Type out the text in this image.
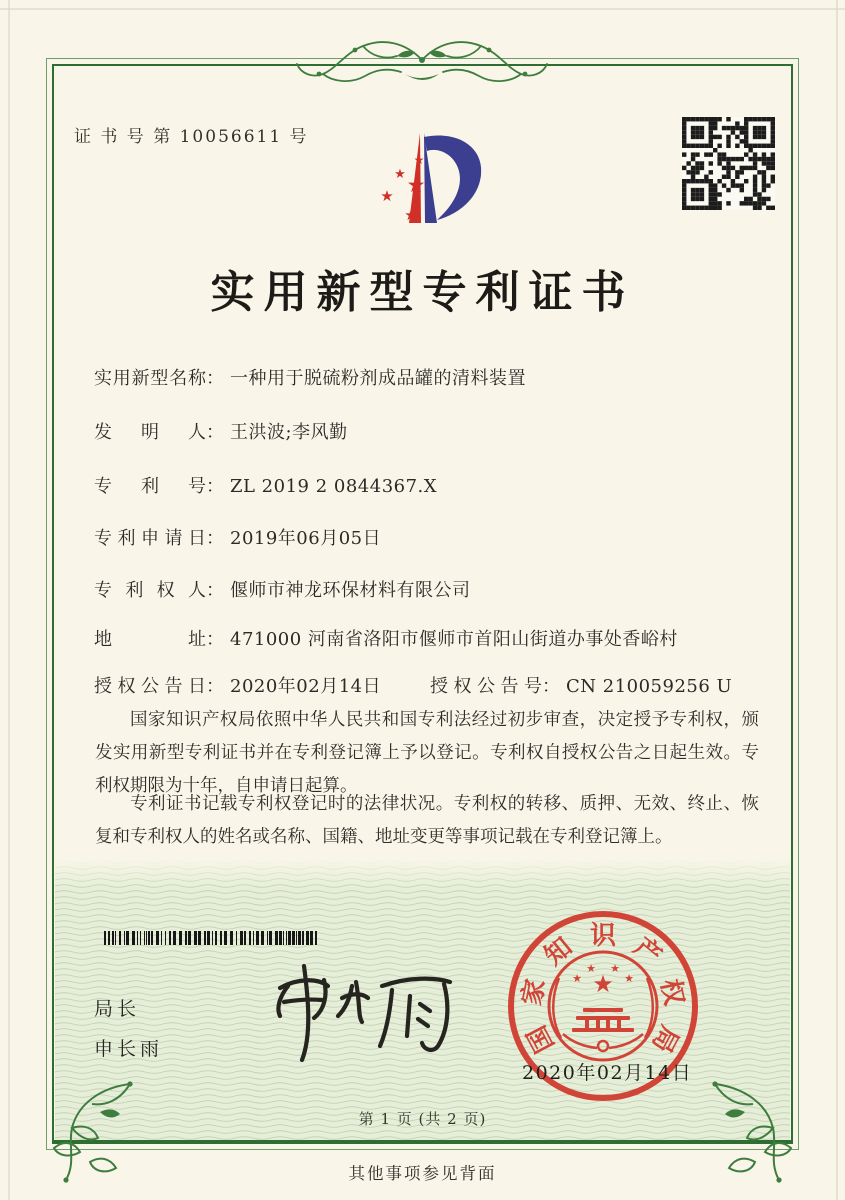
证 书 号 第 10056611 号
★
★ ★
★
★
实用新型专利证书
实用新型名称： 一种用于脱硫粉剂成品罐的清料装置
发明人： 王洪波;李风勤
专利号： ZL 2019 2 0844367.X
专利申请日： 2019年06月05日
专利权人： 偃师市神龙环保材料有限公司
地址： 471000 河南省洛阳市偃师市首阳山街道办事处香峪村
授权公告日： 2020年02月14日	授权公告号： CN 210059256 U
国家知识产权局依照中华人民共和国专利法经过初步审查，决定授予专利权，颁发实用新型专利证书并在专利登记簿上予以登记。专利权自授权公告之日起生效。专利权期限为十年，自申请日起算。
专利证书记载专利权登记时的法律状况。专利权的转移、质押、无效、终止、恢复和专利权人的姓名或名称、国籍、地址变更等事项记载在专利登记簿上。
局长
申长雨	国
家
知 识 产
权
局
★
★
★ ★
★
2020年02月14日
第 1 页 (共 2 页)
其他事项参见背面
